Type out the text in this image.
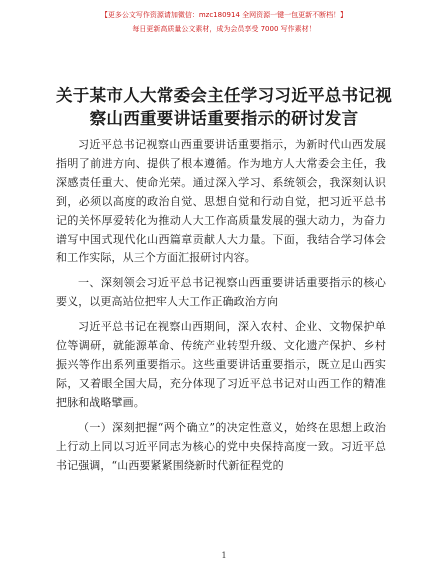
【更多公文写作资源请加微信：mzc180914 全网资源一键一包更新不断档！】
每日更新高质量公文素材，成为会员享受 7000 写作素材！
关于某市人大常委会主任学习习近平总书记视
察山西重要讲话重要指示的研讨发言

习近平总书记视察山西重要讲话重要指示，为新时代山西发展指明了前进方向、提供了根本遵循。作为地方人大常委会主任，我深感责任重大、使命光荣。通过深入学习、系统领会，我深刻认识到，必须以高度的政治自觉、思想自觉和行动自觉，把习近平总书记的关怀厚爱转化为推动人大工作高质量发展的强大动力，为奋力谱写中国式现代化山西篇章贡献人大力量。下面，我结合学习体会和工作实际，从三个方面汇报研讨内容。

一、深刻领会习近平总书记视察山西重要讲话重要指示的核心要义，以更高站位把牢人大工作正确政治方向

习近平总书记在视察山西期间，深入农村、企业、文物保护单位等调研，就能源革命、传统产业转型升级、文化遗产保护、乡村振兴等作出系列重要指示。这些重要讲话重要指示，既立足山西实际，又着眼全国大局，充分体现了习近平总书记对山西工作的精准把脉和战略擘画。

（一）深刻把握“两个确立”的决定性意义，始终在思想上政治上行动上同以习近平同志为核心的党中央保持高度一致。习近平总书记强调，“山西要紧紧围绕新时代新征程党的

1
